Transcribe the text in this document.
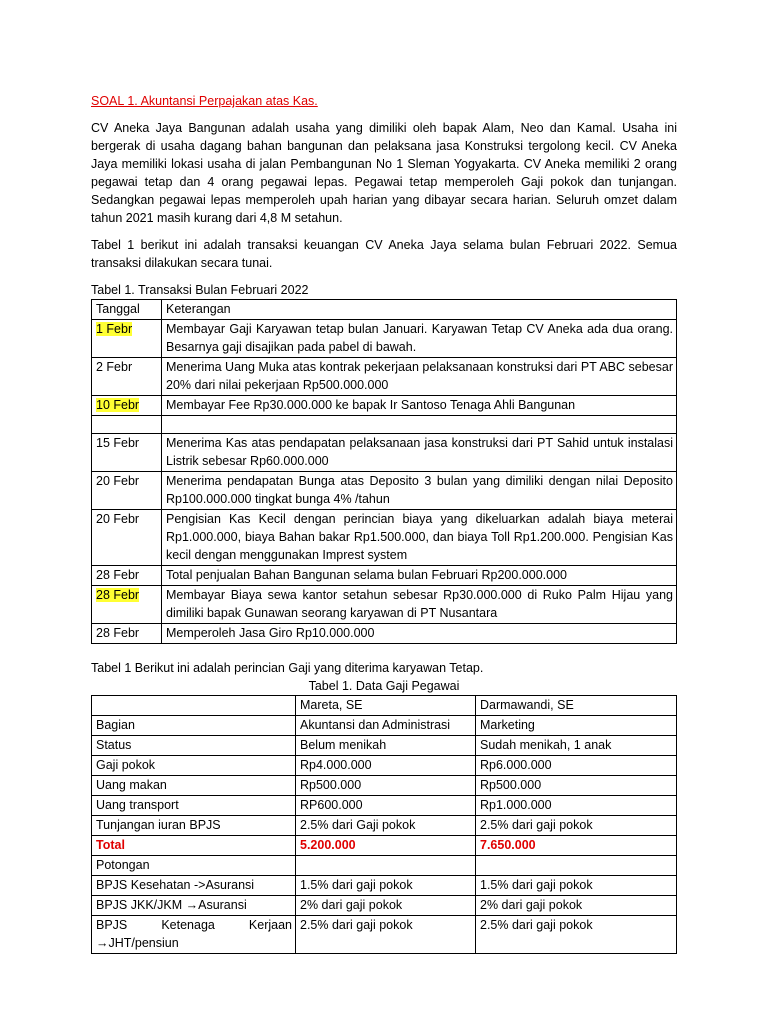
SOAL 1. Akuntansi Perpajakan atas Kas.

CV Aneka Jaya Bangunan adalah usaha yang dimiliki oleh bapak Alam, Neo dan Kamal. Usaha ini bergerak di usaha dagang bahan bangunan dan pelaksana jasa Konstruksi tergolong kecil. CV Aneka Jaya memiliki lokasi usaha di jalan Pembangunan No 1 Sleman Yogyakarta. CV Aneka memiliki 2 orang pegawai tetap dan 4 orang pegawai lepas. Pegawai tetap memperoleh Gaji pokok dan tunjangan. Sedangkan pegawai lepas memperoleh upah harian yang dibayar secara harian. Seluruh omzet dalam tahun 2021 masih kurang dari 4,8 M setahun.

Tabel 1 berikut ini adalah transaksi keuangan CV Aneka Jaya selama bulan Februari 2022. Semua transaksi dilakukan secara tunai.

Tabel 1. Transaksi Bulan Februari 2022

Tanggal	Keterangan
1 Febr	Membayar Gaji Karyawan tetap bulan Januari. Karyawan Tetap CV Aneka ada dua orang. Besarnya gaji disajikan pada pabel di bawah.
2 Febr	Menerima Uang Muka atas kontrak pekerjaan pelaksanaan konstruksi dari PT ABC sebesar 20% dari nilai pekerjaan Rp500.000.000
10 Febr	Membayar Fee Rp30.000.000 ke bapak Ir Santoso Tenaga Ahli Bangunan

15 Febr	Menerima Kas atas pendapatan pelaksanaan jasa konstruksi dari PT Sahid untuk instalasi Listrik sebesar Rp60.000.000
20 Febr	Menerima pendapatan Bunga atas Deposito 3 bulan yang dimiliki dengan nilai Deposito Rp100.000.000 tingkat bunga 4% /tahun
20 Febr	Pengisian Kas Kecil dengan perincian biaya yang dikeluarkan adalah biaya meterai Rp1.000.000, biaya Bahan bakar Rp1.500.000, dan biaya Toll Rp1.200.000. Pengisian Kas kecil dengan menggunakan Imprest system
28 Febr	Total penjualan Bahan Bangunan selama bulan Februari Rp200.000.000
28 Febr	Membayar Biaya sewa kantor setahun sebesar Rp30.000.000 di Ruko Palm Hijau yang dimiliki bapak Gunawan seorang karyawan di PT Nusantara
28 Febr	Memperoleh Jasa Giro Rp10.000.000

Tabel 1 Berikut ini adalah perincian Gaji yang diterima karyawan Tetap.

Tabel 1. Data Gaji Pegawai

	Mareta, SE	Darmawandi, SE
Bagian	Akuntansi dan Administrasi	Marketing
Status	Belum menikah	Sudah menikah, 1 anak
Gaji pokok	Rp4.000.000	Rp6.000.000
Uang makan	Rp500.000	Rp500.000
Uang transport	RP600.000	Rp1.000.000
Tunjangan iuran BPJS	2.5% dari Gaji pokok	2.5% dari gaji pokok
Total	5.200.000	7.650.000
Potongan		
BPJS Kesehatan ->Asuransi	1.5% dari gaji pokok	1.5% dari gaji pokok
BPJS JKK/JKM →Asuransi	2% dari gaji pokok	2% dari gaji pokok
BPJS Ketenaga Kerjaan →JHT/pensiun	2.5% dari gaji pokok	2.5% dari gaji pokok
